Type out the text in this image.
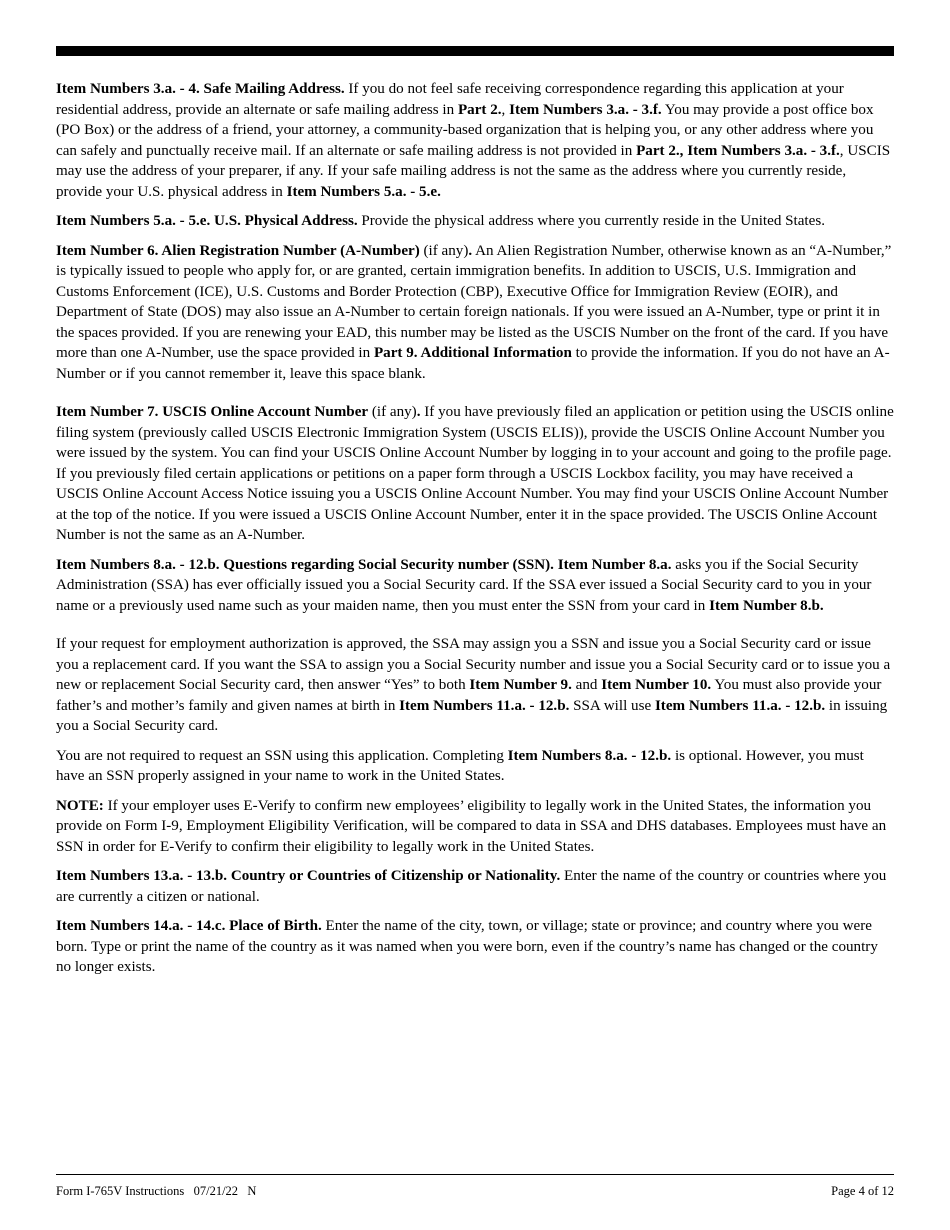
Item Numbers 3.a. - 4. Safe Mailing Address. If you do not feel safe receiving correspondence regarding this application at your residential address, provide an alternate or safe mailing address in Part 2., Item Numbers 3.a. - 3.f. You may provide a post office box (PO Box) or the address of a friend, your attorney, a community-based organization that is helping you, or any other address where you can safely and punctually receive mail. If an alternate or safe mailing address is not provided in Part 2., Item Numbers 3.a. - 3.f., USCIS may use the address of your preparer, if any. If your safe mailing address is not the same as the address where you currently reside, provide your U.S. physical address in Item Numbers 5.a. - 5.e.

Item Numbers 5.a. - 5.e. U.S. Physical Address. Provide the physical address where you currently reside in the United States.

Item Number 6. Alien Registration Number (A-Number) (if any). An Alien Registration Number, otherwise known as an “A-Number,” is typically issued to people who apply for, or are granted, certain immigration benefits. In addition to USCIS, U.S. Immigration and Customs Enforcement (ICE), U.S. Customs and Border Protection (CBP), Executive Office for Immigration Review (EOIR), and Department of State (DOS) may also issue an A-Number to certain foreign nationals. If you were issued an A-Number, type or print it in the spaces provided. If you are renewing your EAD, this number may be listed as the USCIS Number on the front of the card. If you have more than one A-Number, use the space provided in Part 9. Additional Information to provide the information. If you do not have an A-Number or if you cannot remember it, leave this space blank.

Item Number 7. USCIS Online Account Number (if any). If you have previously filed an application or petition using the USCIS online filing system (previously called USCIS Electronic Immigration System (USCIS ELIS)), provide the USCIS Online Account Number you were issued by the system. You can find your USCIS Online Account Number by logging in to your account and going to the profile page. If you previously filed certain applications or petitions on a paper form through a USCIS Lockbox facility, you may have received a USCIS Online Account Access Notice issuing you a USCIS Online Account Number. You may find your USCIS Online Account Number at the top of the notice. If you were issued a USCIS Online Account Number, enter it in the space provided. The USCIS Online Account Number is not the same as an A-Number.

Item Numbers 8.a. - 12.b. Questions regarding Social Security number (SSN). Item Number 8.a. asks you if the Social Security Administration (SSA) has ever officially issued you a Social Security card. If the SSA ever issued a Social Security card to you in your name or a previously used name such as your maiden name, then you must enter the SSN from your card in Item Number 8.b.

If your request for employment authorization is approved, the SSA may assign you a SSN and issue you a Social Security card or issue you a replacement card. If you want the SSA to assign you a Social Security number and issue you a Social Security card or to issue you a new or replacement Social Security card, then answer “Yes” to both Item Number 9. and Item Number 10. You must also provide your father’s and mother’s family and given names at birth in Item Numbers 11.a. - 12.b. SSA will use Item Numbers 11.a. - 12.b. in issuing you a Social Security card.

You are not required to request an SSN using this application. Completing Item Numbers 8.a. - 12.b. is optional. However, you must have an SSN properly assigned in your name to work in the United States.

NOTE: If your employer uses E-Verify to confirm new employees’ eligibility to legally work in the United States, the information you provide on Form I-9, Employment Eligibility Verification, will be compared to data in SSA and DHS databases. Employees must have an SSN in order for E-Verify to confirm their eligibility to legally work in the United States.

Item Numbers 13.a. - 13.b. Country or Countries of Citizenship or Nationality. Enter the name of the country or countries where you are currently a citizen or national.

Item Numbers 14.a. - 14.c. Place of Birth. Enter the name of the city, town, or village; state or province; and country where you were born. Type or print the name of the country as it was named when you were born, even if the country’s name has changed or the country no longer exists.

Form I-765V Instructions   07/21/22   N	Page 4 of 12
